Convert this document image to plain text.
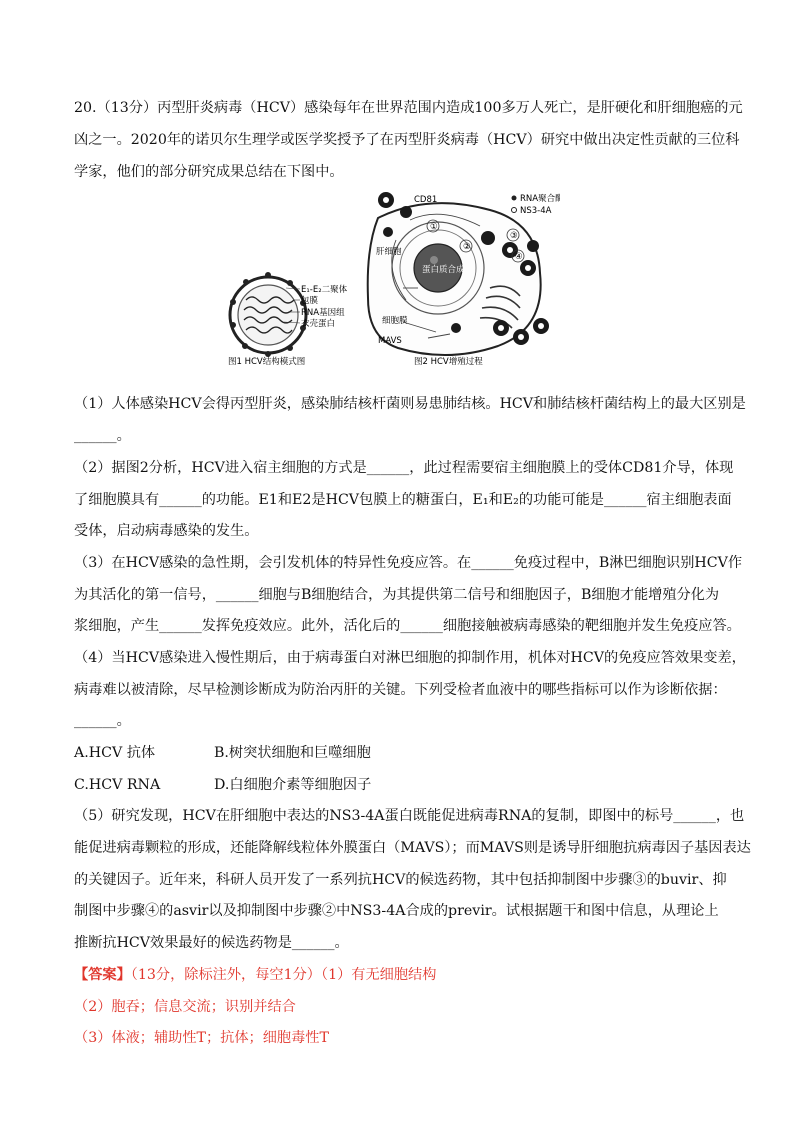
20.（13分）丙型肝炎病毒（HCV）感染每年在世界范围内造成100多万人死亡，是肝硬化和肝细胞癌的元
凶之一。2020年的诺贝尔生理学或医学奖授予了在丙型肝炎病毒（HCV）研究中做出决定性贡献的三位科
学家，他们的部分研究成果总结在下图中。
E₁-E₂二聚体
包膜
RNA基因组
衣壳蛋白
CD81
肝细胞
细胞膜
MAVS
RNA聚合酶
NS3-4A
①
②
③
④
蛋白质合成
图1 HCV结构模式图	图2 HCV增殖过程
（1）人体感染HCV会得丙型肝炎，感染肺结核杆菌则易患肺结核。HCV和肺结核杆菌结构上的最大区别是
______。
（2）据图2分析，HCV进入宿主细胞的方式是______，此过程需要宿主细胞膜上的受体CD81介导，体现
了细胞膜具有______的功能。E1和E2是HCV包膜上的糖蛋白，E₁和E₂的功能可能是______宿主细胞表面
受体，启动病毒感染的发生。
（3）在HCV感染的急性期，会引发机体的特异性免疫应答。在______免疫过程中，B淋巴细胞识别HCV作
为其活化的第一信号，______细胞与B细胞结合，为其提供第二信号和细胞因子，B细胞才能增殖分化为
浆细胞，产生______发挥免疫效应。此外，活化后的______细胞接触被病毒感染的靶细胞并发生免疫应答。
（4）当HCV感染进入慢性期后，由于病毒蛋白对淋巴细胞的抑制作用，机体对HCV的免疫应答效果变差，
病毒难以被清除，尽早检测诊断成为防治丙肝的关键。下列受检者血液中的哪些指标可以作为诊断依据：
______。
A.HCV 抗体	B.树突状细胞和巨噬细胞
C.HCV RNA	D.白细胞介素等细胞因子
（5）研究发现，HCV在肝细胞中表达的NS3-4A蛋白既能促进病毒RNA的复制，即图中的标号______，也
能促进病毒颗粒的形成，还能降解线粒体外膜蛋白（MAVS）；而MAVS则是诱导肝细胞抗病毒因子基因表达
的关键因子。近年来，科研人员开发了一系列抗HCV的候选药物，其中包括抑制图中步骤③的buvir、抑
制图中步骤④的asvir以及抑制图中步骤②中NS3-4A合成的previr。试根据题干和图中信息，从理论上
推断抗HCV效果最好的候选药物是______。
【答案】（13分，除标注外，每空1分）（1）有无细胞结构
（2）胞吞；信息交流；识别并结合
（3）体液；辅助性T；抗体；细胞毒性T
